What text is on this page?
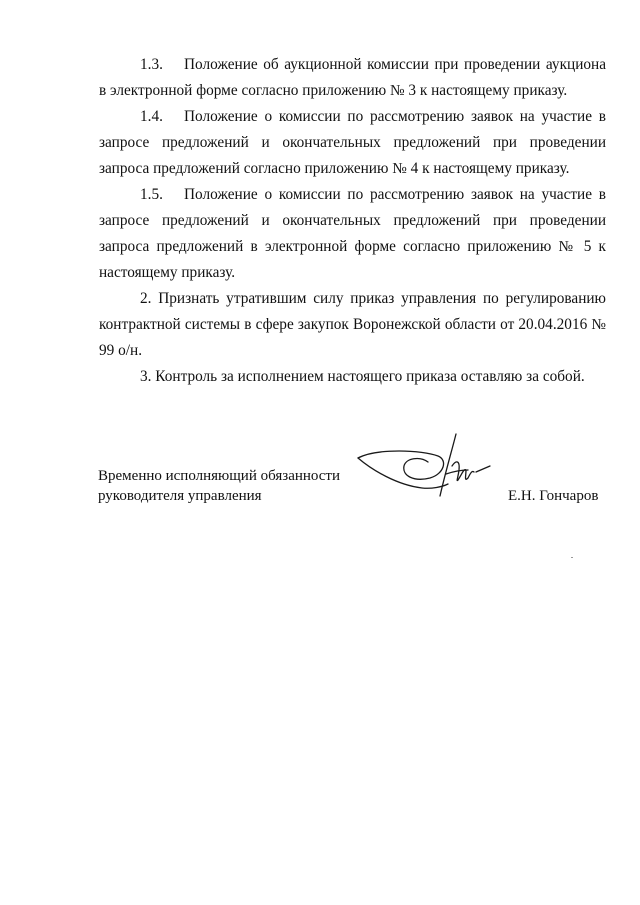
1.3. Положение об аукционной комиссии при проведении аукциона в электронной форме согласно приложению № 3 к настоящему приказу.

1.4. Положение о комиссии по рассмотрению заявок на участие в запросе предложений и окончательных предложений при проведении запроса предложений согласно приложению № 4 к настоящему приказу.

1.5. Положение о комиссии по рассмотрению заявок на участие в запросе предложений и окончательных предложений при проведении запроса предложений в электронной форме согласно приложению № 5 к настоящему приказу.

2. Признать утратившим силу приказ управления по регулированию контрактной системы в сфере закупок Воронежской области от 20.04.2016 № 99 о/н.

3. Контроль за исполнением настоящего приказа оставляю за собой.

Временно исполняющий обязанности
руководителя управления	Е.Н. Гончаров
